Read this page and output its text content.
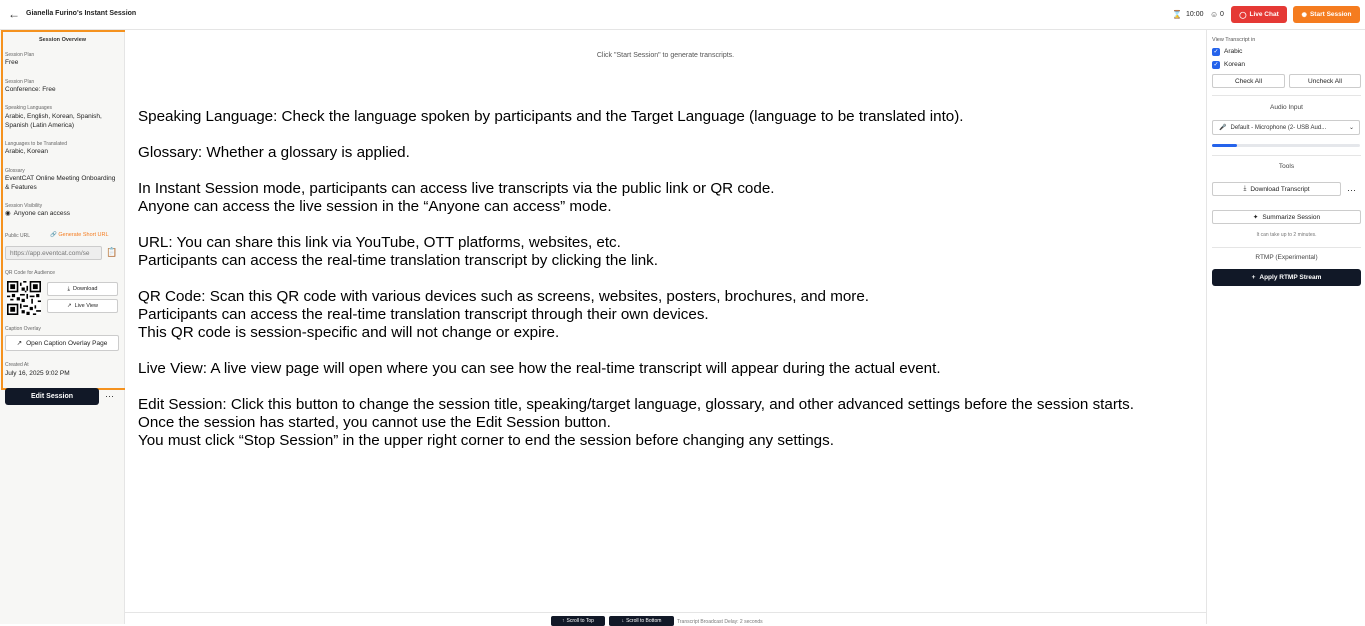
← Gianella Furino's Instant Session	⌛ 10:00 ☺ 0 ◯ Live Chat	✺ Start Session
Session Overview
Session Plan
Free
Session Plan
Conference: Free
Speaking Languages
Arabic, English, Korean, Spanish, Spanish (Latin America)
Languages to be Translated
Arabic, Korean
Glossary
EventCAT Online Meeting Onboarding & Features
Session Visibility
◉ Anyone can access
Public URL	🔗 Generate Short URL
https://app.eventcat.com/se	📋
QR Code for Audience
⤓ Download
↗ Live View
Caption Overlay
↗ Open Caption Overlay Page
Created At
July 16, 2025 9:02 PM
Edit Session	⋯
Click "Start Session" to generate transcripts.

Speaking Language: Check the language spoken by participants and the Target Language (language to be translated into).

Glossary: Whether a glossary is applied.

In Instant Session mode, participants can access live transcripts via the public link or QR code.
Anyone can access the live session in the “Anyone can access” mode.

URL: You can share this link via YouTube, OTT platforms, websites, etc.
Participants can access the real-time translation transcript by clicking the link.

QR Code: Scan this QR code with various devices such as screens, websites, posters, brochures, and more.
Participants can access the real-time translation transcript through their own devices.
This QR code is session-specific and will not change or expire.

Live View: A live view page will open where you can see how the real-time transcript will appear during the actual event.

Edit Session: Click this button to change the session title, speaking/target language, glossary, and other advanced settings before the session starts.
Once the session has started, you cannot use the Edit Session button.
You must click “Stop Session” in the upper right corner to end the session before changing any settings.

↑ Scroll to Top	↓ Scroll to Bottom	Transcript Broadcast Delay: 2 seconds
View Transcript in
✓ Arabic
✓ Korean
Check All	Uncheck All
Audio Input
🎤 Default - Microphone (2- USB Aud...	⌄
Tools
⤓ Download Transcript	⋯
✦ Summarize Session
It can take up to 2 minutes.
RTMP (Experimental)
+ Apply RTMP Stream
